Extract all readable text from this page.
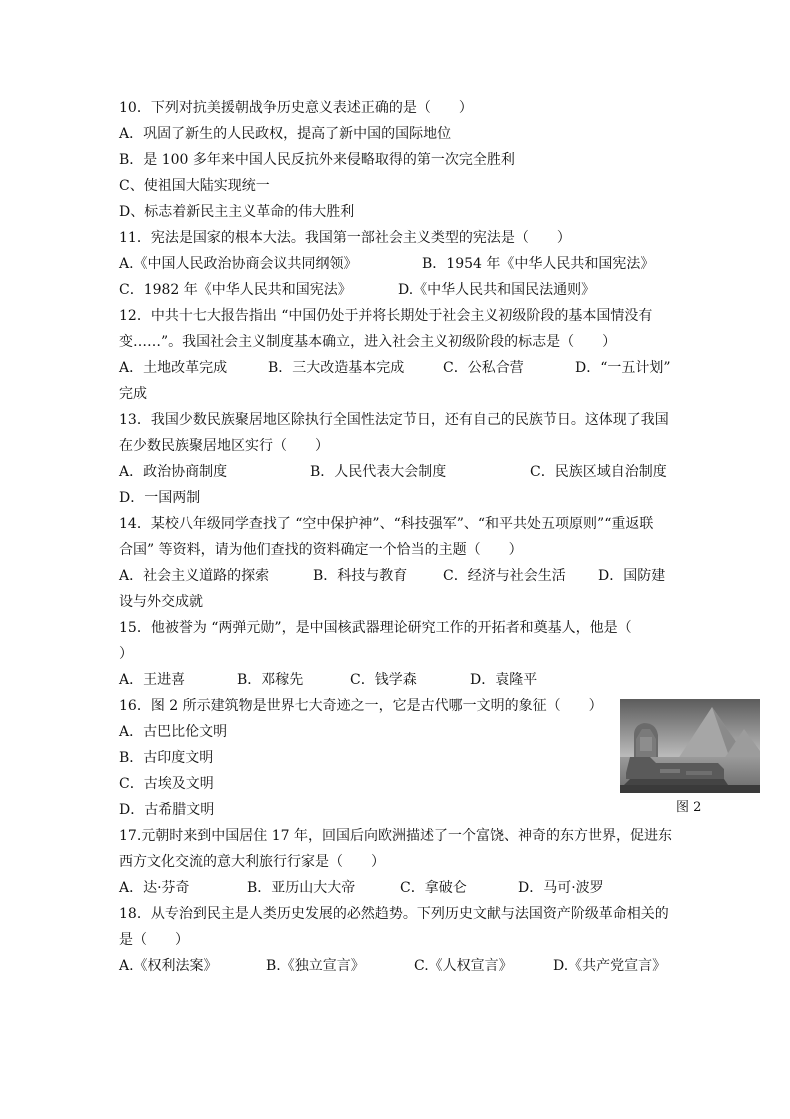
10．下列对抗美援朝战争历史意义表述正确的是（　　）
A．巩固了新生的人民政权，提高了新中国的国际地位
B．是 100 多年来中国人民反抗外来侵略取得的第一次完全胜利
C、使祖国大陆实现统一
D、标志着新民主主义革命的伟大胜利
11．宪法是国家的根本大法。我国第一部社会主义类型的宪法是（　　）
A.《中国人民政治协商会议共同纲领》	B．1954 年《中华人民共和国宪法》
C．1982 年《中华人民共和国宪法》	D.《中华人民共和国民法通则》
12．中共十七大报告指出 “中国仍处于并将长期处于社会主义初级阶段的基本国情没有
变……”。我国社会主义制度基本确立，进入社会主义初级阶段的标志是（　　）
A．土地改革完成	B．三大改造基本完成	C．公私合营	D．“一五计划”
完成
13．我国少数民族聚居地区除执行全国性法定节日，还有自己的民族节日。这体现了我国
在少数民族聚居地区实行（　　）
A．政治协商制度	B．人民代表大会制度	C．民族区域自治制度
D．一国两制
14．某校八年级同学查找了 “空中保护神”、“科技强军”、“和平共处五项原则”“重返联
合国” 等资料，请为他们查找的资料确定一个恰当的主题（　　）
A．社会主义道路的探索	B．科技与教育	C．经济与社会生活 D．国防建
设与外交成就
15．他被誉为 “两弹元勋”，是中国核武器理论研究工作的开拓者和奠基人，他是（
）
A．王进喜	B．邓稼先	C．钱学森	D．袁隆平
16．图 2 所示建筑物是世界七大奇迹之一，它是古代哪一文明的象征（　　）
A．古巴比伦文明
B．古印度文明
C．古埃及文明
D．古希腊文明	图 2
17.元朝时来到中国居住 17 年，回国后向欧洲描述了一个富饶、神奇的东方世界，促进东
西方文化交流的意大利旅行行家是（　　）
A．达·芬奇	B．亚历山大大帝	C．拿破仑	D．马可·波罗
18．从专治到民主是人类历史发展的必然趋势。下列历史文献与法国资产阶级革命相关的
是（　　）
A.《权利法案》	B.《独立宣言》	C.《人权宣言》	D.《共产党宣言》
